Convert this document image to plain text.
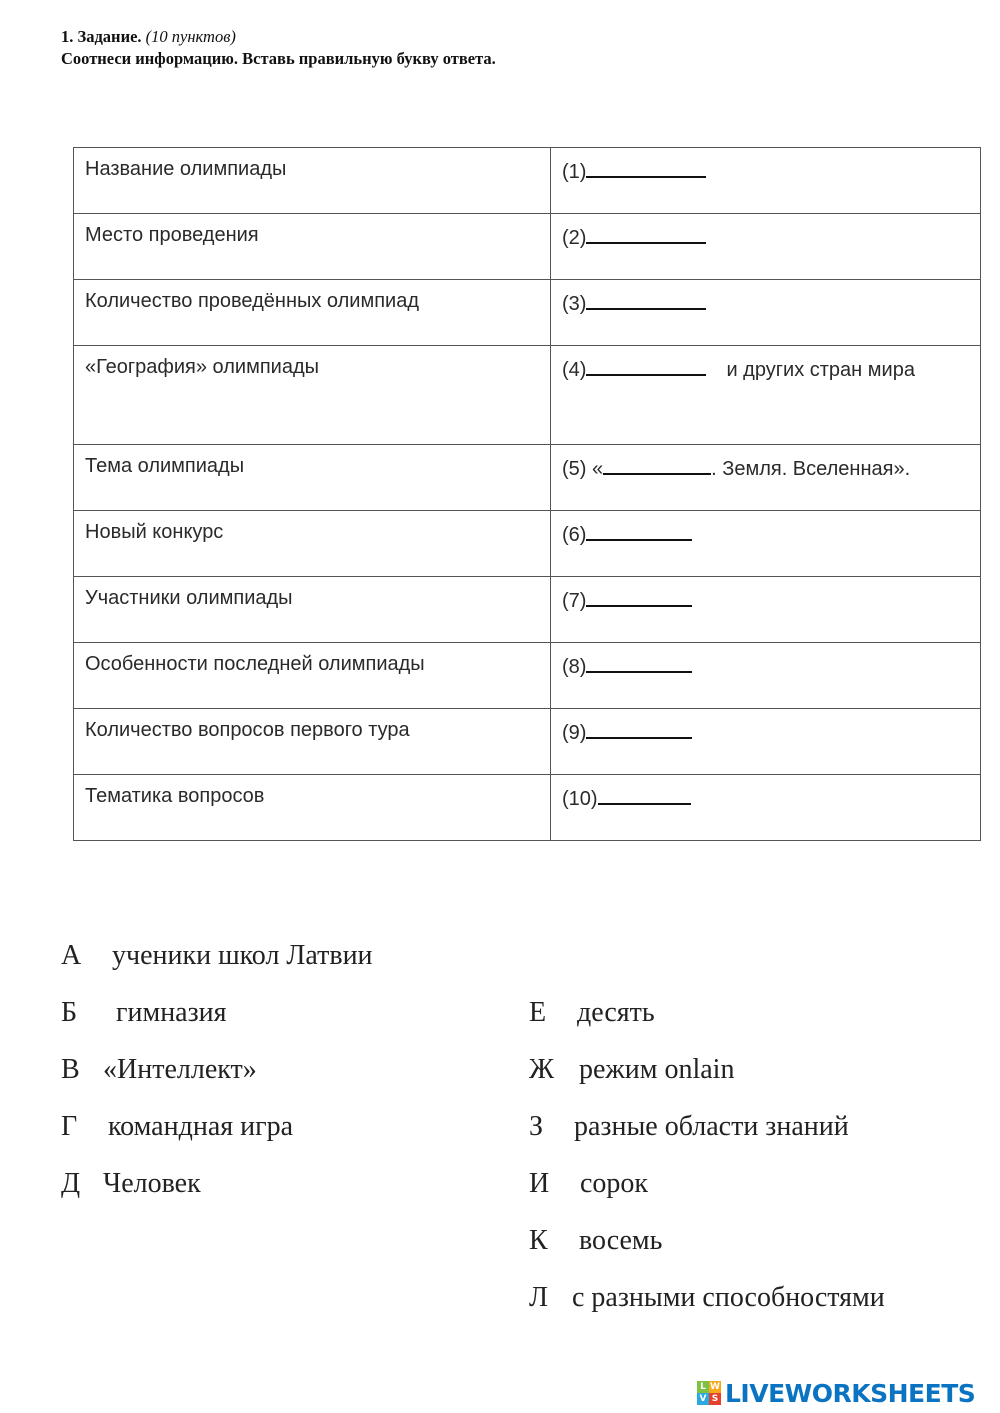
1. Задание. (10 пунктов)
Соотнеси информацию. Вставь правильную букву ответа.
Название олимпиады	(1)
Место проведения	(2)
Количество проведённых олимпиад	(3)
«География» олимпиады	(4) и других стран мира
Тема олимпиады	(5) « . Земля. Вселенная».
Новый конкурс	(6)
Участники олимпиады	(7)
Особенности последней олимпиады	(8)
Количество вопросов первого тура	(9)
Тематика вопросов	(10)
А ученики школ Латвии
Б гимназия
В «Интеллект»
Г командная игра
Д Человек
Е десять
Ж режим onlain
З разные области знаний
И сорок
К восемь
Л с разными способностями
L W
V S LIVEWORKSHEETS
